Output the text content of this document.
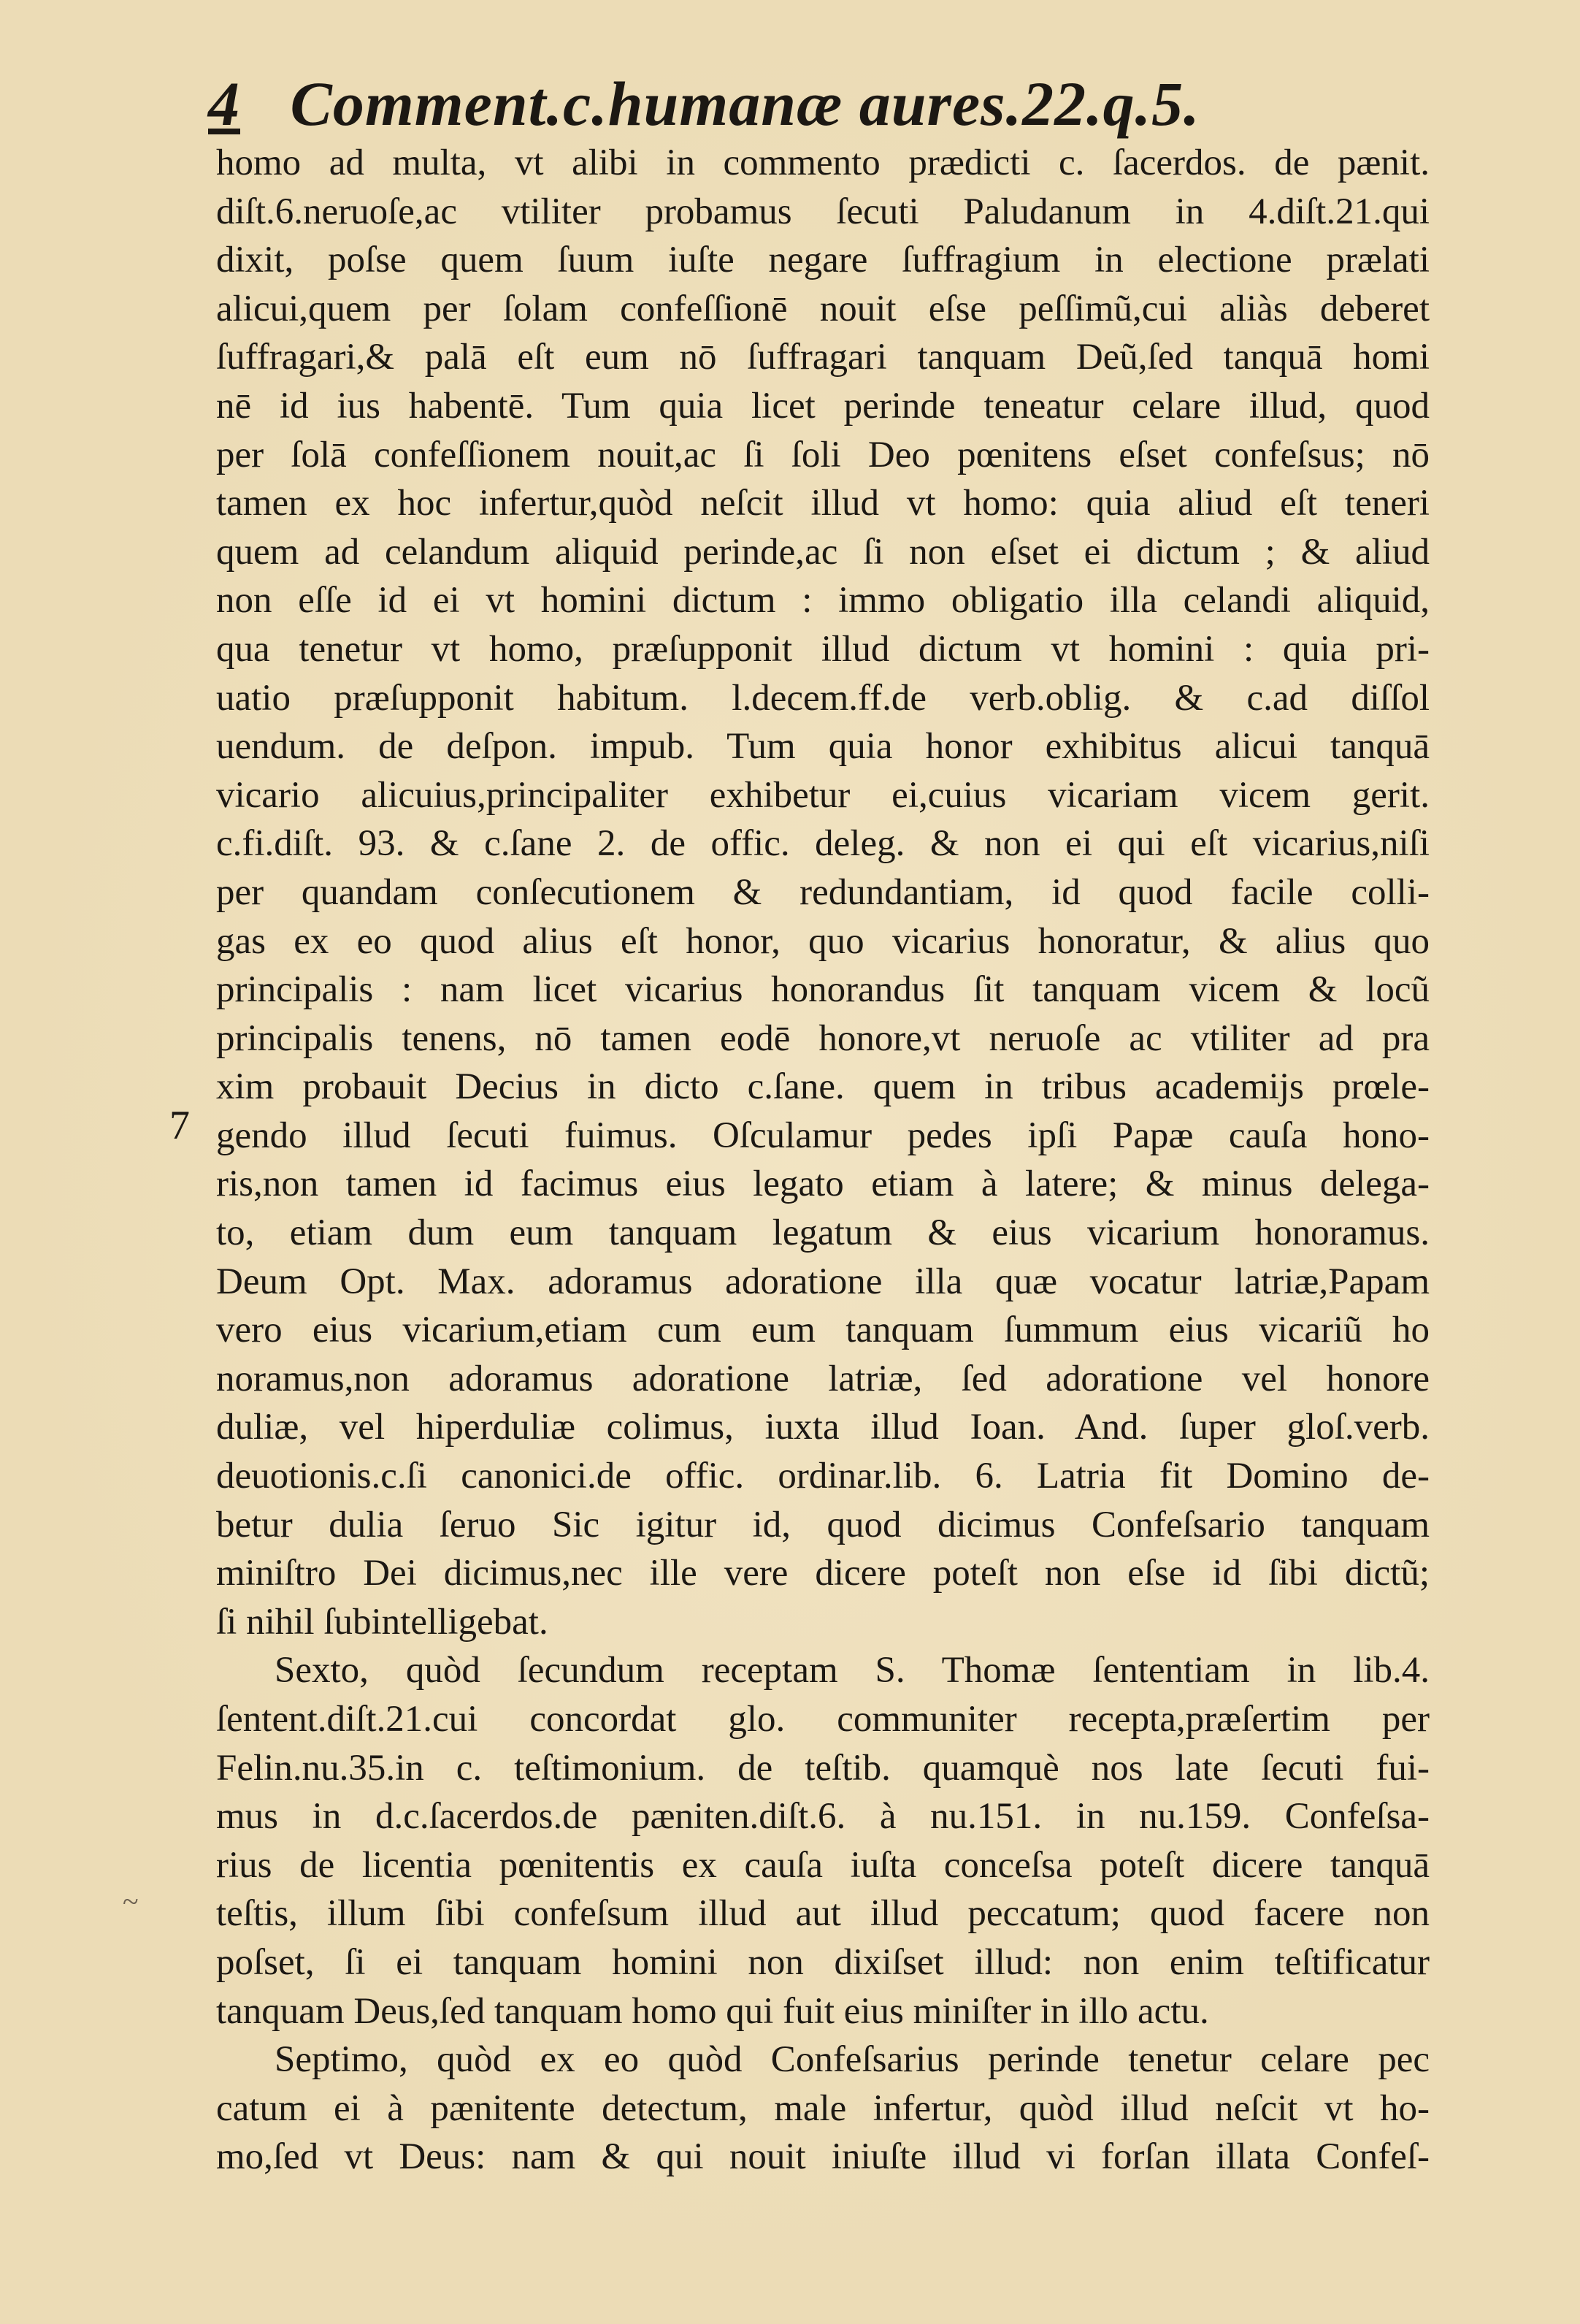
4 Comment.c.humanæ aures.22.q.5.
7
~
homo ad multa, vt alibi in commento prædicti c. ſacerdos. de pænit.
diſt.6.neruoſe,ac vtiliter probamus ſecuti Paludanum in 4.diſt.21.qui
dixit, poſse quem ſuum iuſte negare ſuffragium in electione prælati
alicui,quem per ſolam confeſſionē nouit eſse peſſimũ,cui aliàs deberet
ſuffragari,& palā eſt eum nō ſuffragari tanquam Deũ,ſed tanquā homi
nē id ius habentē. Tum quia licet perinde teneatur celare illud, quod
per ſolā confeſſionem nouit,ac ſi ſoli Deo pœnitens eſset confeſsus; nō
tamen ex hoc infertur,quòd neſcit illud vt homo: quia aliud eſt teneri
quem ad celandum aliquid perinde,ac ſi non eſset ei dictum ; & aliud
non eſſe id ei vt homini dictum : immo obligatio illa celandi aliquid,
qua tenetur vt homo, præſupponit illud dictum vt homini : quia pri-
uatio præſupponit habitum. l.decem.ff.de verb.oblig. & c.ad diſſol
uendum. de deſpon. impub. Tum quia honor exhibitus alicui tanquā
vicario alicuius,principaliter exhibetur ei,cuius vicariam vicem gerit.
c.fi.diſt. 93. & c.ſane 2. de offic. deleg. & non ei qui eſt vicarius,niſi
per quandam conſecutionem & redundantiam, id quod facile colli-
gas ex eo quod alius eſt honor, quo vicarius honoratur, & alius quo
principalis : nam licet vicarius honorandus ſit tanquam vicem & locũ
principalis tenens, nō tamen eodē honore,vt neruoſe ac vtiliter ad pra
xim probauit Decius in dicto c.ſane. quem in tribus academijs prœle-
gendo illud ſecuti fuimus. Oſculamur pedes ipſi Papæ cauſa hono-
ris,non tamen id facimus eius legato etiam à latere; & minus delega-
to, etiam dum eum tanquam legatum & eius vicarium honoramus.
Deum Opt. Max. adoramus adoratione illa quæ vocatur latriæ,Papam
vero eius vicarium,etiam cum eum tanquam ſummum eius vicariũ ho
noramus,non adoramus adoratione latriæ, ſed adoratione vel honore
duliæ, vel hiperduliæ colimus, iuxta illud Ioan. And. ſuper gloſ.verb.
deuotionis.c.ſi canonici.de offic. ordinar.lib. 6. Latria fit Domino de-
betur dulia ſeruo Sic igitur id, quod dicimus Confeſsario tanquam
miniſtro Dei dicimus,nec ille vere dicere poteſt non eſse id ſibi dictũ;
ſi nihil ſubintelligebat.
Sexto, quòd ſecundum receptam S. Thomæ ſententiam in lib.4.
ſentent.diſt.21.cui concordat glo. communiter recepta,præſertim per
Felin.nu.35.in c. teſtimonium. de teſtib. quamquè nos late ſecuti fui-
mus in d.c.ſacerdos.de pæniten.diſt.6. à nu.151. in nu.159. Confeſsa-
rius de licentia pœnitentis ex cauſa iuſta conceſsa poteſt dicere tanquā
teſtis, illum ſibi confeſsum illud aut illud peccatum; quod facere non
poſset, ſi ei tanquam homini non dixiſset illud: non enim teſtificatur
tanquam Deus,ſed tanquam homo qui fuit eius miniſter in illo actu.
Septimo, quòd ex eo quòd Confeſsarius perinde tenetur celare pec
catum ei à pænitente detectum, male infertur, quòd illud neſcit vt ho-
mo,ſed vt Deus: nam & qui nouit iniuſte illud vi forſan illata Confeſ-
